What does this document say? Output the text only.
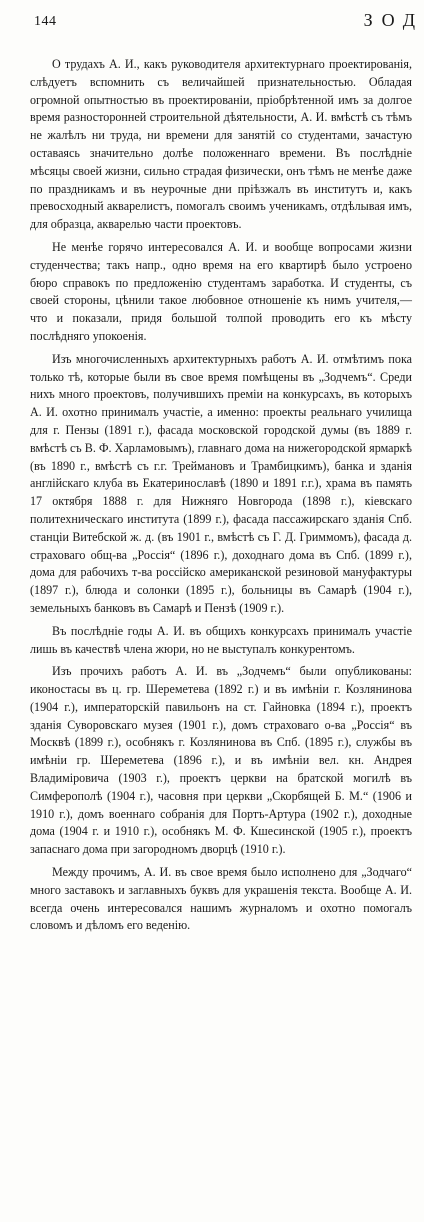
144	ЗОД

О трудахъ А. И., какъ руководителя архитектурнаго проектированія, слѣдуетъ вспомнить съ величайшей признательностью. Обладая огромной опытностью въ проектированіи, пріобрѣтенной имъ за долгое время разносторонней строительной дѣятельности, А. И. вмѣстѣ съ тѣмъ не жалѣлъ ни труда, ни времени для занятій со студентами, зачастую оставаясь значительно долѣе положеннаго времени. Въ послѣдніе мѣсяцы своей жизни, сильно страдая физически, онъ тѣмъ не менѣе даже по праздникамъ и въ неурочные дни пріѣзжалъ въ институтъ и, какъ превосходный акварелистъ, помогалъ своимъ ученикамъ, отдѣлывая имъ, для образца, акварелью части проектовъ.

Не менѣе горячо интересовался А. И. и вообще вопросами жизни студенчества; такъ напр., одно время на его квартирѣ было устроено бюро справокъ по предложенію студентамъ заработка. И студенты, съ своей стороны, цѣнили такое любовное отношеніе къ нимъ учителя,—что и показали, придя большой толпой проводить его къ мѣсту послѣдняго упокоенія.

Изъ многочисленныхъ архитектурныхъ работъ А. И. отмѣтимъ пока только тѣ, которые были въ свое время помѣщены въ „Зодчемъ“. Среди нихъ много проектовъ, получившихъ преміи на конкурсахъ, въ которыхъ А. И. охотно принималъ участіе, а именно: проекты реальнаго училища для г. Пензы (1891 г.), фасада московской городской думы (въ 1889 г. вмѣстѣ съ В. Ф. Харламовымъ), главнаго дома на нижегородской ярмаркѣ (въ 1890 г., вмѣстѣ съ г.г. Треймановъ и Трамбицкимъ), банка и зданія англійскаго клуба въ Екатеринославѣ (1890 и 1891 г.г.), храма въ память 17 октября 1888 г. для Нижняго Новгорода (1898 г.), кіевскаго политехническаго института (1899 г.), фасада пассажирскаго зданія Спб. станціи Витебской ж. д. (въ 1901 г., вмѣстѣ съ Г. Д. Гриммомъ), фасада д. страховаго общ-ва „Россія“ (1896 г.), доходнаго дома въ Спб. (1899 г.), дома для рабочихъ т-ва россійско американской резиновой мануфактуры (1897 г.), блюда и солонки (1895 г.), больницы въ Самарѣ (1904 г.), земельныхъ банковъ въ Самарѣ и Пензѣ (1909 г.).

Въ послѣдніе годы А. И. въ общихъ конкурсахъ принималъ участіе лишь въ качествѣ члена жюри, но не выступалъ конкурентомъ.

Изъ прочихъ работъ А. И. въ „Зодчемъ“ были опубликованы: иконостасы въ ц. гр. Шереметева (1892 г.) и въ имѣніи г. Козлянинова (1904 г.), императорскій павильонъ на ст. Гайновка (1894 г.), проектъ зданія Суворовскаго музея (1901 г.), домъ страховаго о-ва „Россія“ въ Москвѣ (1899 г.), особнякъ г. Козлянинова въ Спб. (1895 г.), службы въ имѣніи гр. Шереметева (1896 г.), и въ имѣніи вел. кн. Андрея Владиміровича (1903 г.), проектъ церкви на братской могилѣ въ Симферополѣ (1904 г.), часовня при церкви „Скорбящей Б. М.“ (1906 и 1910 г.), домъ военнаго собранія для Портъ-Артура (1902 г.), доходные дома (1904 г. и 1910 г.), особнякъ М. Ф. Кшесинской (1905 г.), проектъ запаснаго дома при загородномъ дворцѣ (1910 г.).

Между прочимъ, А. И. въ свое время было исполнено для „Зодчаго“ много заставокъ и заглавныхъ буквъ для украшенія текста. Вообще А. И. всегда очень интересовался нашимъ журналомъ и охотно помогалъ словомъ и дѣломъ его веденію.
